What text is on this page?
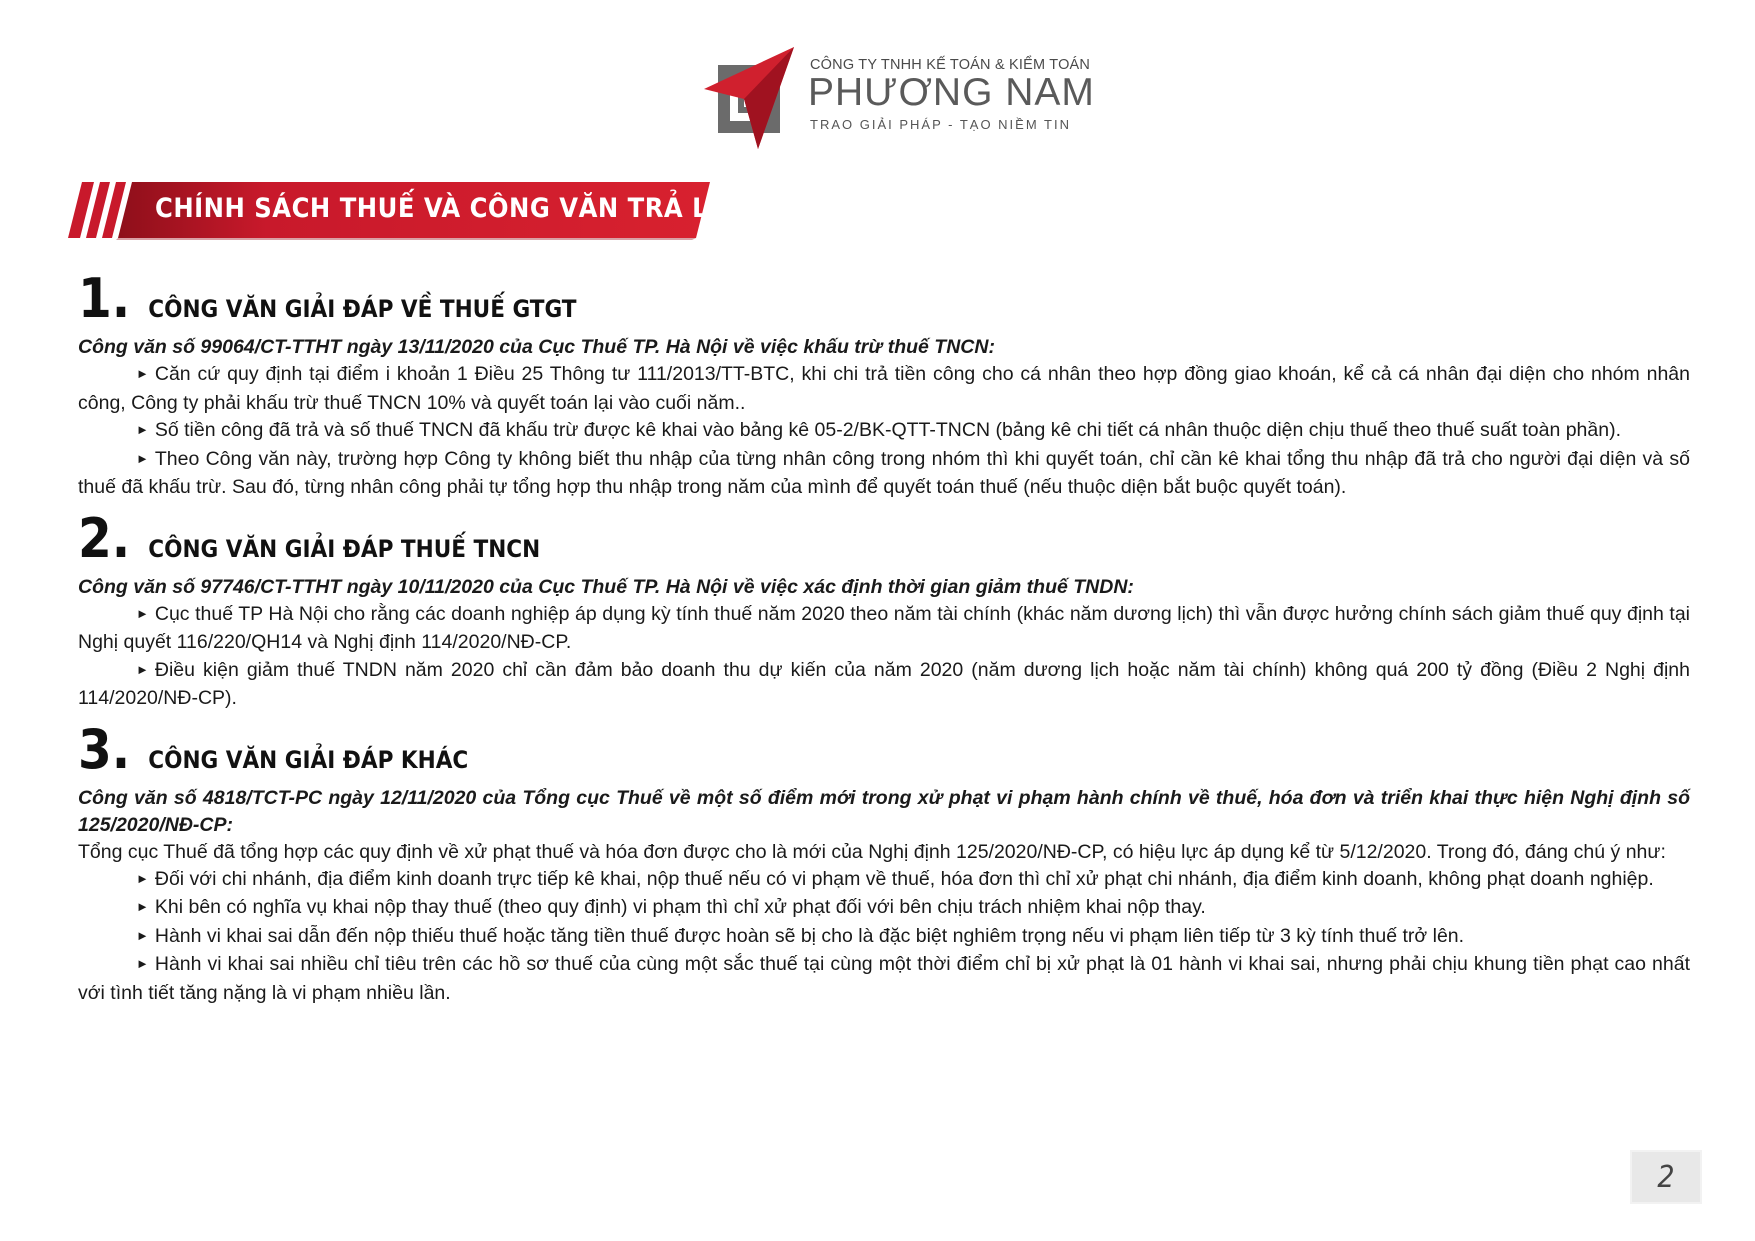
CÔNG TY TNHH KẾ TOÁN & KIỂM TOÁN
PHƯƠNG NAM
TRAO GIẢI PHÁP - TẠO NIỀM TIN
CHÍNH SÁCH THUẾ VÀ CÔNG VĂN TRẢ LỜI
1. CÔNG VĂN GIẢI ĐÁP VỀ THUẾ GTGT
Công văn số 99064/CT-TTHT ngày 13/11/2020 của Cục Thuế TP. Hà Nội về việc khấu trừ thuế TNCN:
► Căn cứ quy định tại điểm i khoản 1 Điều 25 Thông tư 111/2013/TT-BTC, khi chi trả tiền công cho cá nhân theo hợp đồng giao khoán, kể cả cá nhân đại diện cho nhóm nhân công, Công ty phải khấu trừ thuế TNCN 10% và quyết toán lại vào cuối năm..
► Số tiền công đã trả và số thuế TNCN đã khấu trừ được kê khai vào bảng kê 05-2/BK-QTT-TNCN (bảng kê chi tiết cá nhân thuộc diện chịu thuế theo thuế suất toàn phần).
► Theo Công văn này, trường hợp Công ty không biết thu nhập của từng nhân công trong nhóm thì khi quyết toán, chỉ cần kê khai tổng thu nhập đã trả cho người đại diện và số thuế đã khấu trừ. Sau đó, từng nhân công phải tự tổng hợp thu nhập trong năm của mình để quyết toán thuế (nếu thuộc diện bắt buộc quyết toán).
2. CÔNG VĂN GIẢI ĐÁP THUẾ TNCN
Công văn số 97746/CT-TTHT ngày 10/11/2020 của Cục Thuế TP. Hà Nội về việc xác định thời gian giảm thuế TNDN:
► Cục thuế TP Hà Nội cho rằng các doanh nghiệp áp dụng kỳ tính thuế năm 2020 theo năm tài chính (khác năm dương lịch) thì vẫn được hưởng chính sách giảm thuế quy định tại Nghị quyết 116/220/QH14 và Nghị định 114/2020/NĐ-CP.
► Điều kiện giảm thuế TNDN năm 2020 chỉ cần đảm bảo doanh thu dự kiến của năm 2020 (năm dương lịch hoặc năm tài chính) không quá 200 tỷ đồng (Điều 2 Nghị định 114/2020/NĐ-CP).
3. CÔNG VĂN GIẢI ĐÁP KHÁC
Công văn số 4818/TCT-PC ngày 12/11/2020 của Tổng cục Thuế về một số điểm mới trong xử phạt vi phạm hành chính về thuế, hóa đơn và triển khai thực hiện Nghị định số 125/2020/NĐ-CP:
Tổng cục Thuế đã tổng hợp các quy định về xử phạt thuế và hóa đơn được cho là mới của Nghị định 125/2020/NĐ-CP, có hiệu lực áp dụng kể từ 5/12/2020. Trong đó, đáng chú ý như:
► Đối với chi nhánh, địa điểm kinh doanh trực tiếp kê khai, nộp thuế nếu có vi phạm về thuế, hóa đơn thì chỉ xử phạt chi nhánh, địa điểm kinh doanh, không phạt doanh nghiệp.
► Khi bên có nghĩa vụ khai nộp thay thuế (theo quy định) vi phạm thì chỉ xử phạt đối với bên chịu trách nhiệm khai nộp thay.
► Hành vi khai sai dẫn đến nộp thiếu thuế hoặc tăng tiền thuế được hoàn sẽ bị cho là đặc biệt nghiêm trọng nếu vi phạm liên tiếp từ 3 kỳ tính thuế trở lên.
► Hành vi khai sai nhiều chỉ tiêu trên các hồ sơ thuế của cùng một sắc thuế tại cùng một thời điểm chỉ bị xử phạt là 01 hành vi khai sai, nhưng phải chịu khung tiền phạt cao nhất với tình tiết tăng nặng là vi phạm nhiều lần.
2
